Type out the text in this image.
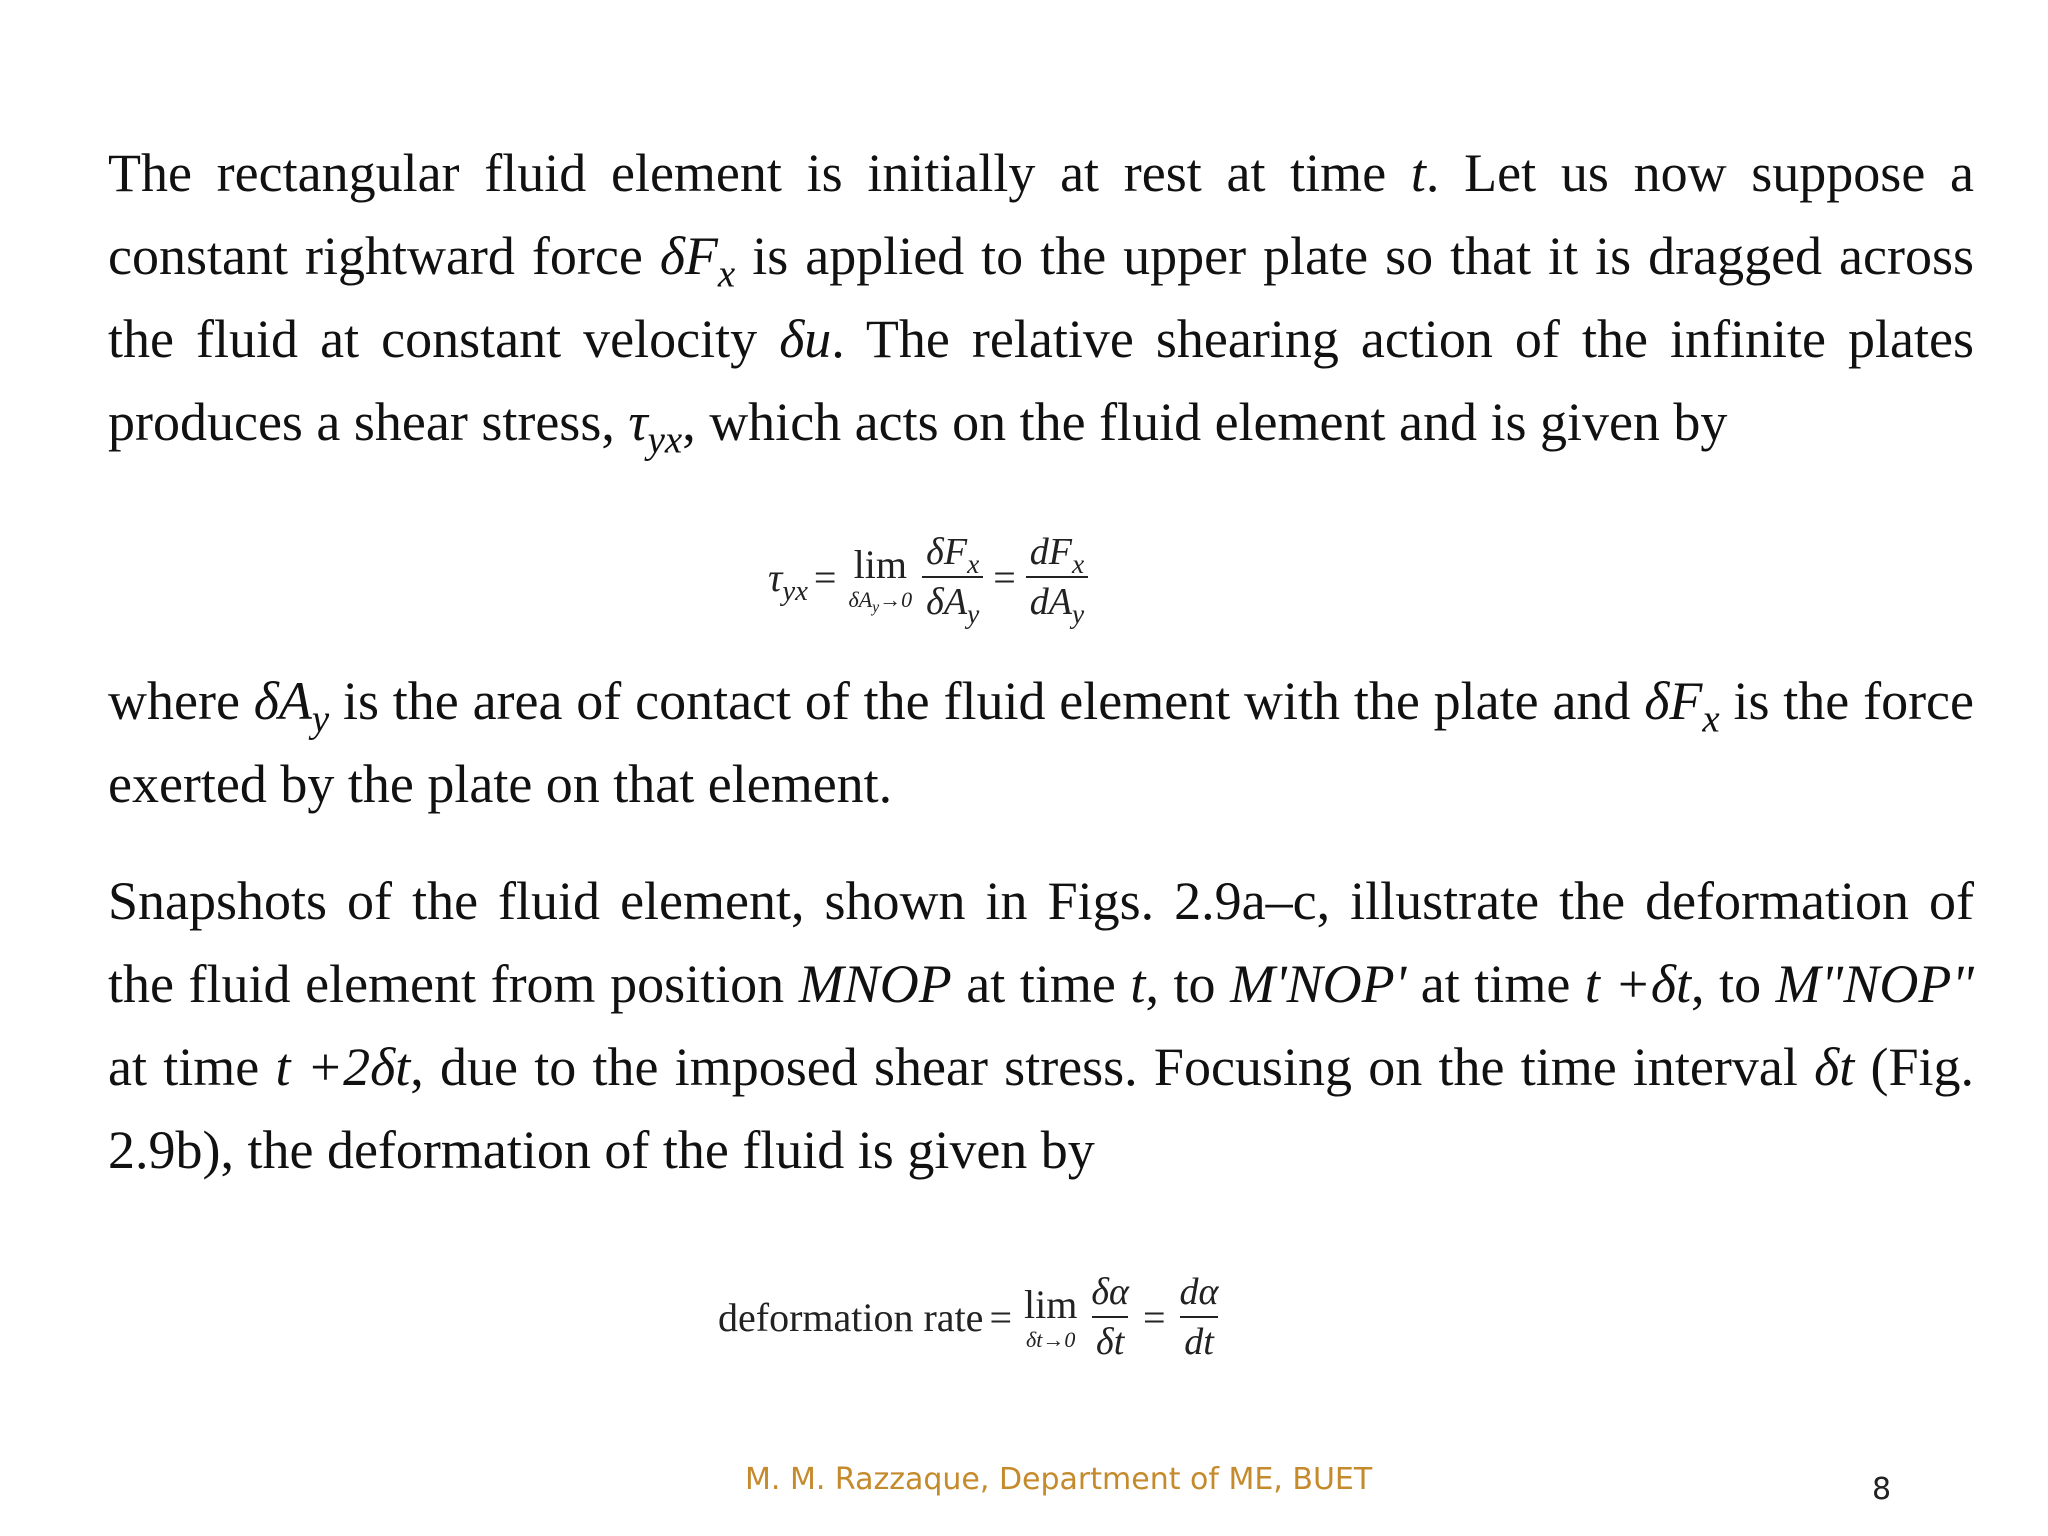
The rectangular fluid element is initially at rest at time t. Let us now suppose a constant rightward force $\delta F_x$ is applied to the upper plate so that it is dragged across the fluid at constant velocity δu. The relative shearing action of the infinite plates produces a shear stress, $\tau_{yx}$, which acts on the fluid element and is given by

$\tau_{yx} = \lim$
$\delta A_y\to 0 \frac{\delta F_x}{\delta A_y} = \frac{dF_x}{dA_y}$

where $\delta A_y$ is the area of contact of the fluid element with the plate and $\delta F_x$ is the force exerted by the plate on that element.

Snapshots of the fluid element, shown in Figs. 2.9a–c, illustrate the deformation of the fluid element from position MNOP at time t, to M'NOP' at time t +δt, to M"NOP" at time t +2δt, due to the imposed shear stress. Focusing on the time interval δt (Fig. 2.9b), the deformation of the fluid is given by

deformation rate = lim
$\delta t\to 0 \frac{\delta\alpha}{\delta t} = \frac{d\alpha}{dt}$
M. M. Razzaque, Department of ME, BUET	8
